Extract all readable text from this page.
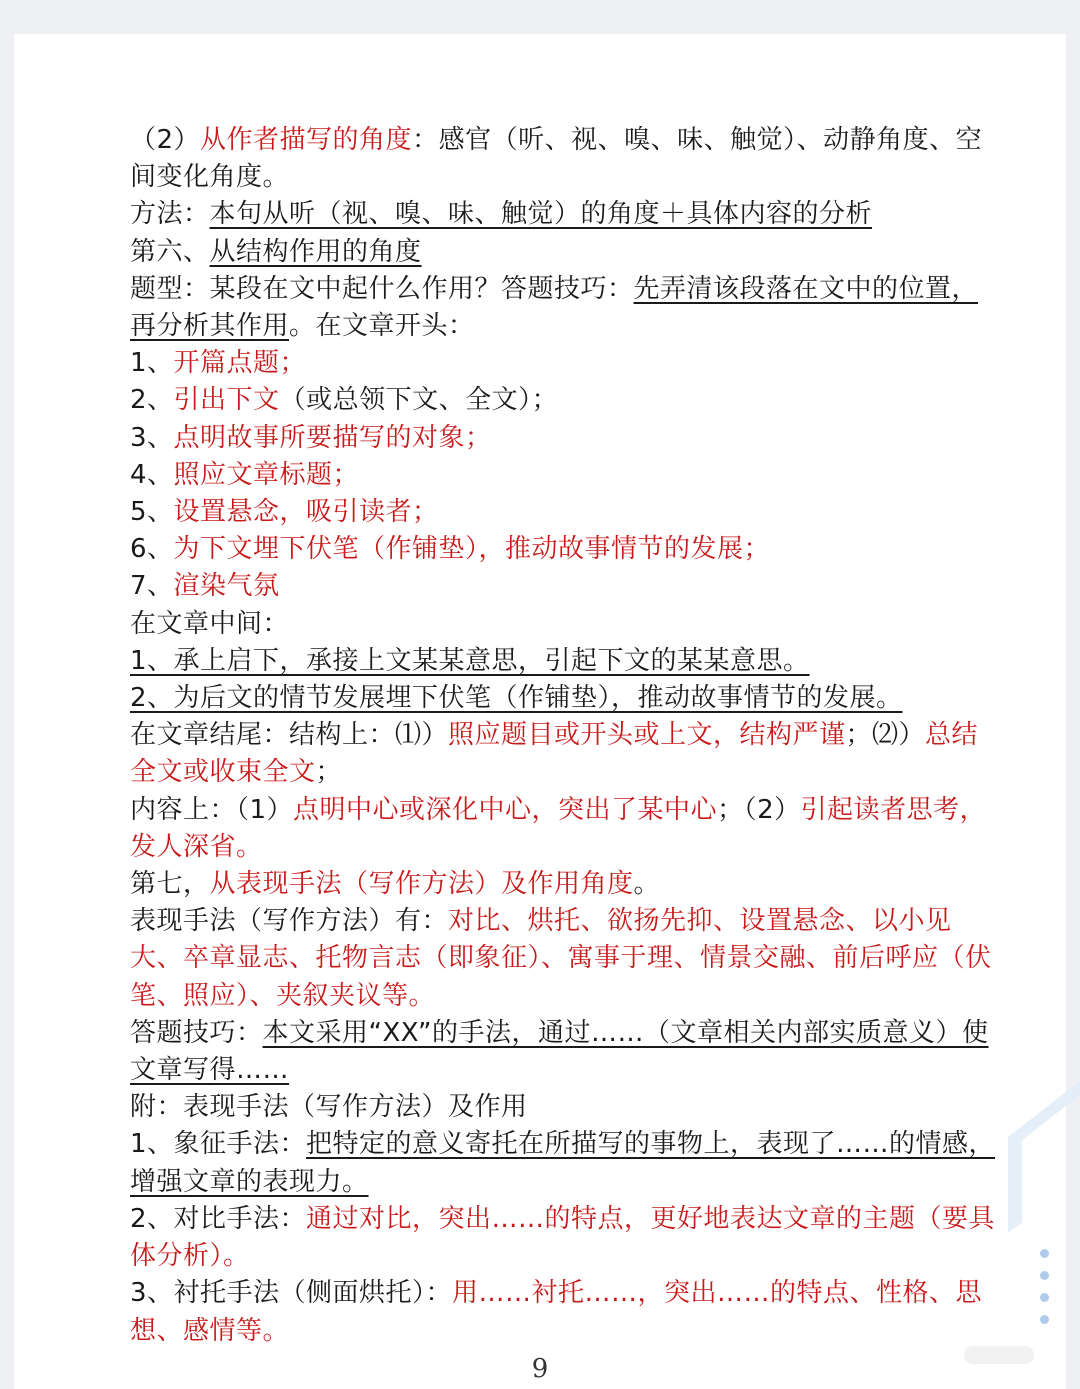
（2）从作者描写的角度：感官（听、视、嗅、味、触觉）、动静角度、空间变化角度。

方法：本句从听（视、嗅、味、触觉）的角度＋具体内容的分析

第六、从结构作用的角度

题型：某段在文中起什么作用？答题技巧：先弄清该段落在文中的位置，再分析其作用。在文章开头：

1、开篇点题；

2、引出下文（或总领下文、全文）；

3、点明故事所要描写的对象；

4、照应文章标题；

5、设置悬念，吸引读者；

6、为下文埋下伏笔（作铺垫），推动故事情节的发展；

7、渲染气氛

在文章中间：

1、承上启下，承接上文某某意思，引起下文的某某意思。

2、为后文的情节发展埋下伏笔（作铺垫），推动故事情节的发展。

在文章结尾：结构上：⑴）照应题目或开头或上文，结构严谨；⑵）总结全文或收束全文；

内容上：（1）点明中心或深化中心，突出了某中心；（2）引起读者思考，发人深省。

第七，从表现手法（写作方法）及作用角度。

表现手法（写作方法）有：对比、烘托、欲扬先抑、设置悬念、以小见大、卒章显志、托物言志（即象征）、寓事于理、情景交融、前后呼应（伏笔、照应）、夹叙夹议等。

答题技巧：本文采用“XX”的手法，通过……（文章相关内部实质意义）使文章写得……

附：表现手法（写作方法）及作用

1、象征手法：把特定的意义寄托在所描写的事物上，表现了……的情感，增强文章的表现力。

2、对比手法：通过对比，突出……的特点，更好地表达文章的主题（要具体分析）。

3、衬托手法（侧面烘托）：用……衬托……，突出……的特点、性格、思想、感情等。

9
